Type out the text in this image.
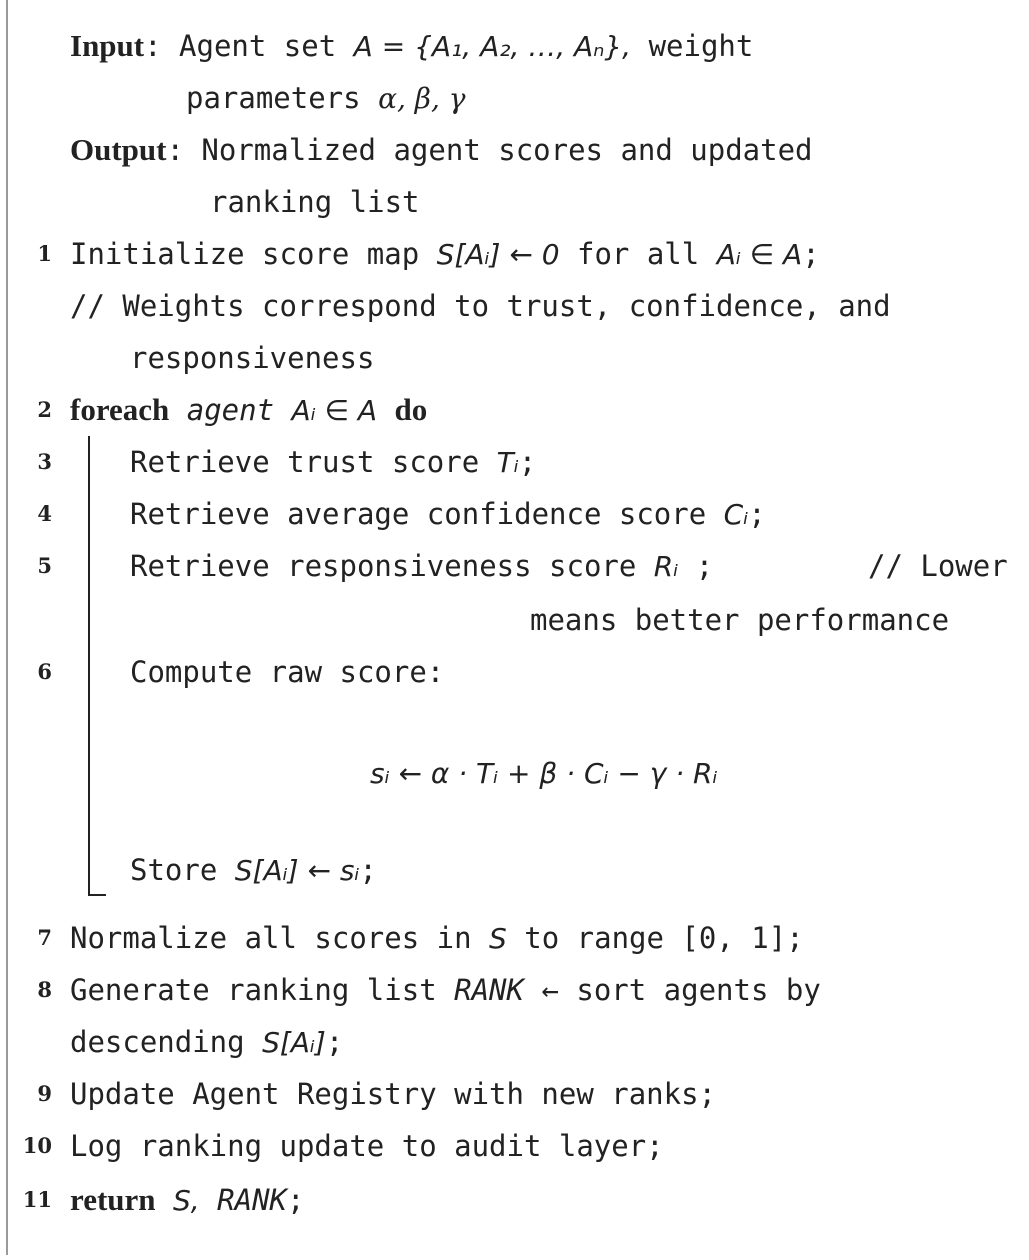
Input: Agent set A = {A₁, A₂, …, Aₙ}, weight
parameters α, β, γ
Output: Normalized agent scores and updated
ranking list
1 Initialize score map S[Aᵢ] ← 0 for all Aᵢ ∈ A;
// Weights correspond to trust, confidence, and
responsiveness
2 foreach agent Aᵢ ∈ A do
3	Retrieve trust score Tᵢ;
4	Retrieve average confidence score Cᵢ;
5	Retrieve responsiveness score Rᵢ ;	// Lower
means better performance
6	Compute raw score:
sᵢ ← α · Tᵢ + β · Cᵢ − γ · Rᵢ
Store S[Aᵢ] ← sᵢ;
7 Normalize all scores in S to range [0, 1];
8 Generate ranking list RANK ← sort agents by
descending S[Aᵢ];
9 Update Agent Registry with new ranks;
10 Log ranking update to audit layer;
11 return S, RANK;
